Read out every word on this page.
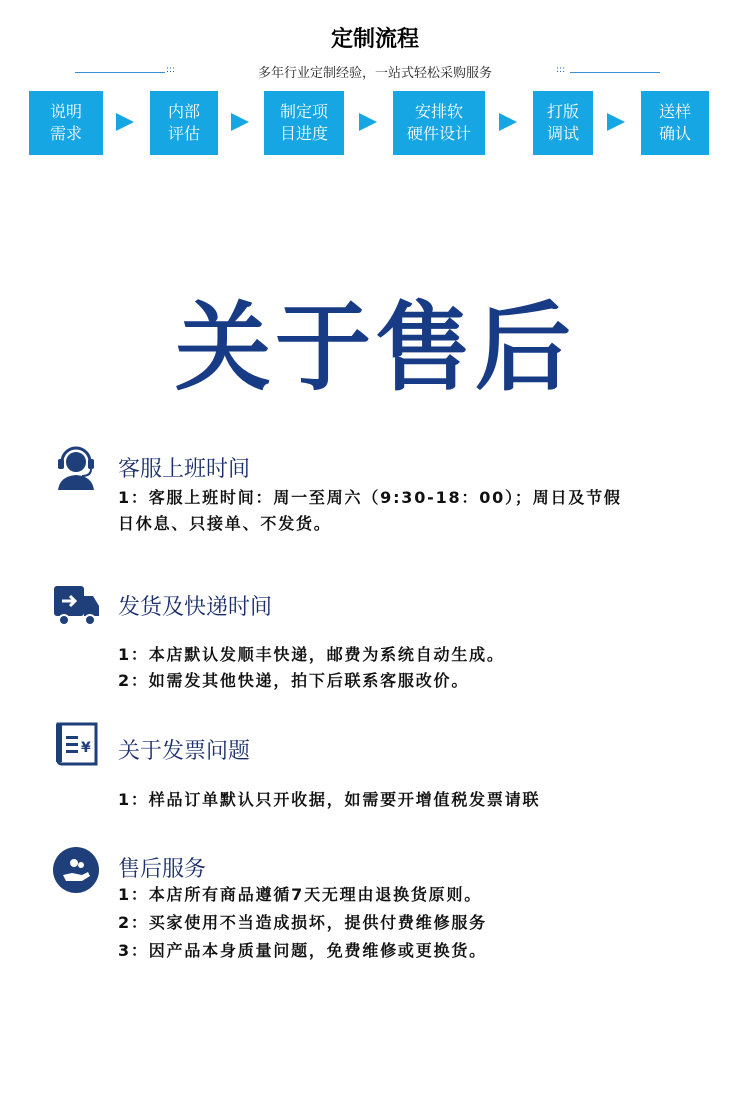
定制流程
:::	多年行业定制经验，一站式轻松采购服务	:::
说明
需求
内部
评估
制定项
目进度
安排软
硬件设计
打版
调试
送样
确认
关于售后
客服上班时间
1：客服上班时间：周一至周六（9:30-18：00）；周日及节假
日休息、只接单、不发货。
发货及快递时间
1：本店默认发顺丰快递，邮费为系统自动生成。
2：如需发其他快递，拍下后联系客服改价。
¥ 关于发票问题
1：样品订单默认只开收据，如需要开增值税发票请联
售后服务
1：本店所有商品遵循7天无理由退换货原则。
2：买家使用不当造成损坏，提供付费维修服务
3：因产品本身质量问题，免费维修或更换货。
